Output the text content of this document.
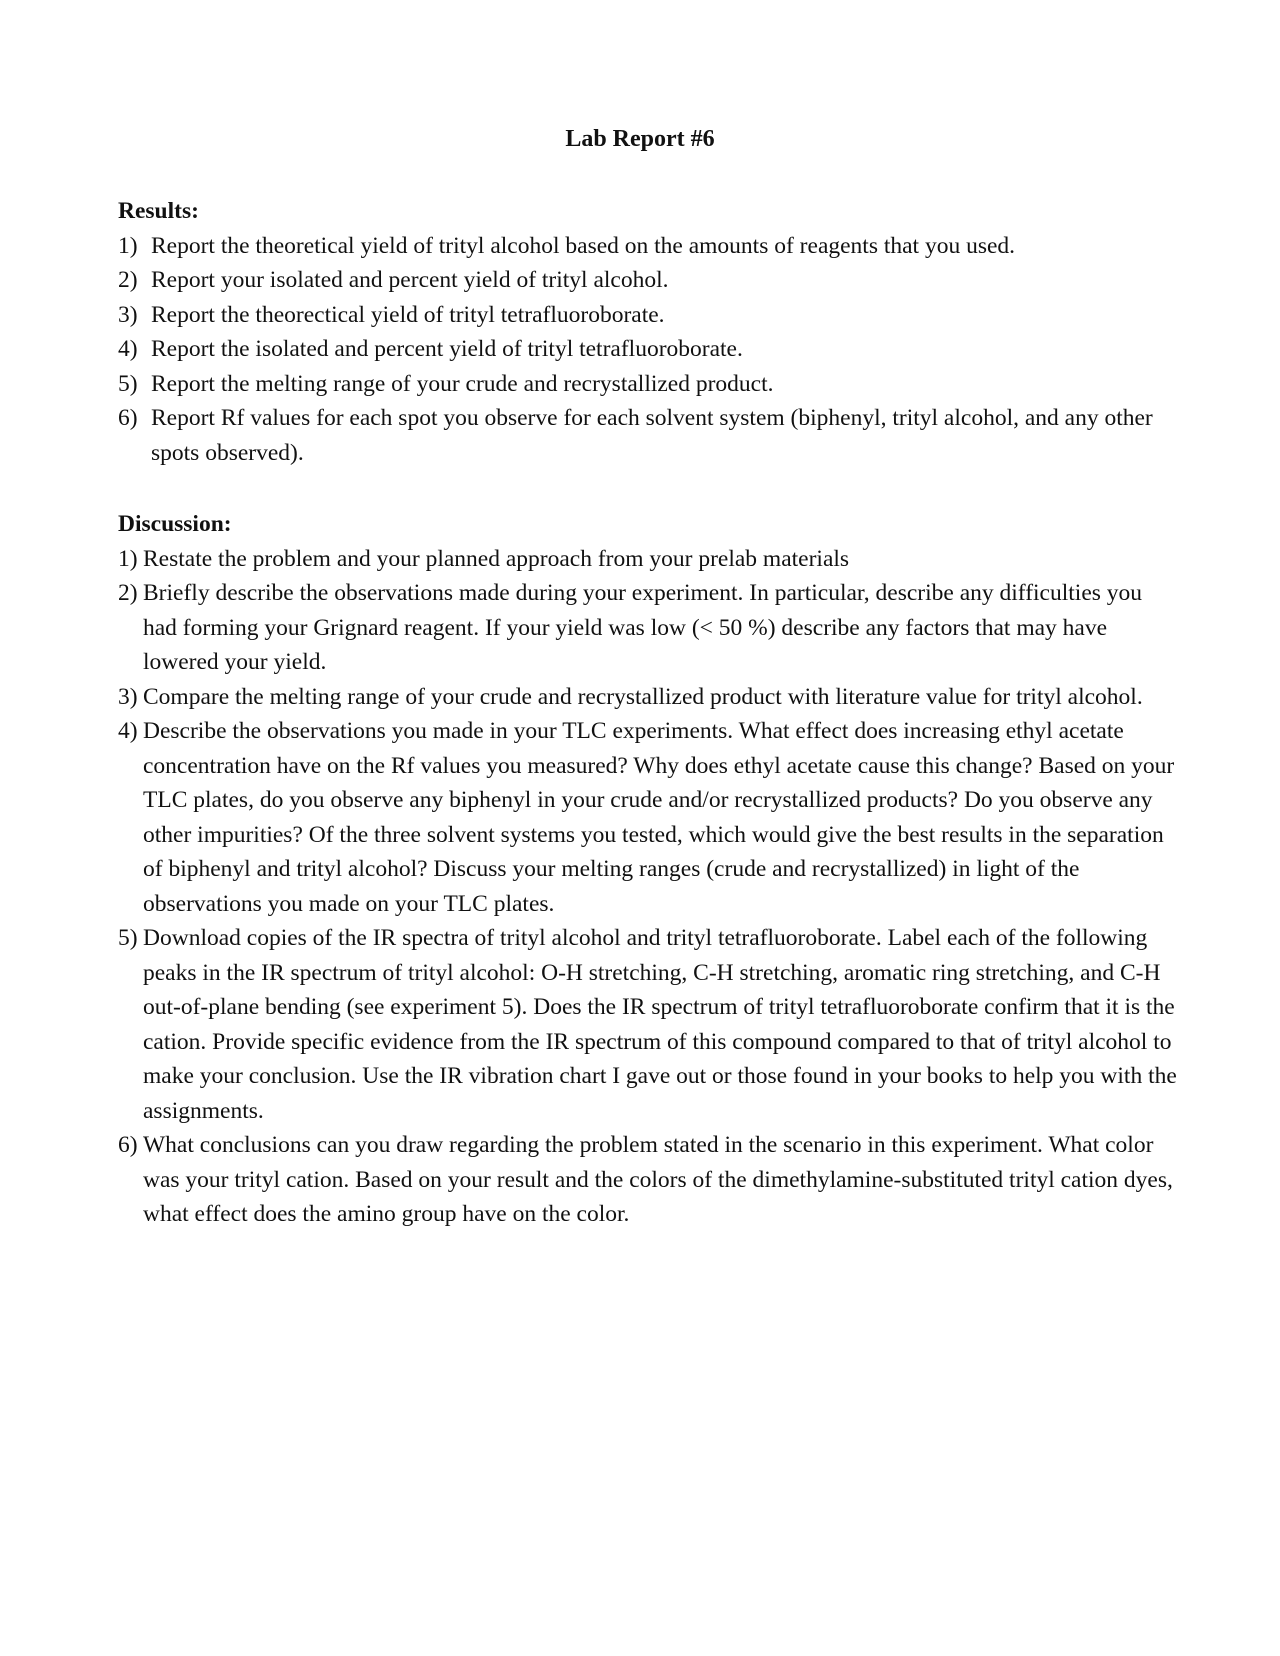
Lab Report #6

Results:

1) Report the theoretical yield of trityl alcohol based on the amounts of reagents that you used.
2) Report your isolated and percent yield of trityl alcohol.
3) Report the theorectical yield of trityl tetrafluoroborate.
4) Report the isolated and percent yield of trityl tetrafluoroborate.
5) Report the melting range of your crude and recrystallized product.
6) Report Rf values for each spot you observe for each solvent system (biphenyl, trityl alcohol, and any other spots observed).

Discussion:

1) Restate the problem and your planned approach from your prelab materials
2) Briefly describe the observations made during your experiment. In particular, describe any difficulties you had forming your Grignard reagent. If your yield was low (< 50 %) describe any factors that may have lowered your yield.
3) Compare the melting range of your crude and recrystallized product with literature value for trityl alcohol.
4) Describe the observations you made in your TLC experiments. What effect does increasing ethyl acetate concentration have on the Rf values you measured? Why does ethyl acetate cause this change? Based on your TLC plates, do you observe any biphenyl in your crude and/or recrystallized products? Do you observe any other impurities? Of the three solvent systems you tested, which would give the best results in the separation of biphenyl and trityl alcohol? Discuss your melting ranges (crude and recrystallized) in light of the observations you made on your TLC plates.
5) Download copies of the IR spectra of trityl alcohol and trityl tetrafluoroborate. Label each of the following peaks in the IR spectrum of trityl alcohol: O-H stretching, C-H stretching, aromatic ring stretching, and C-H out-of-plane bending (see experiment 5). Does the IR spectrum of trityl tetrafluoroborate confirm that it is the cation. Provide specific evidence from the IR spectrum of this compound compared to that of trityl alcohol to make your conclusion. Use the IR vibration chart I gave out or those found in your books to help you with the assignments.
6) What conclusions can you draw regarding the problem stated in the scenario in this experiment. What color was your trityl cation. Based on your result and the colors of the dimethylamine-substituted trityl cation dyes, what effect does the amino group have on the color.
